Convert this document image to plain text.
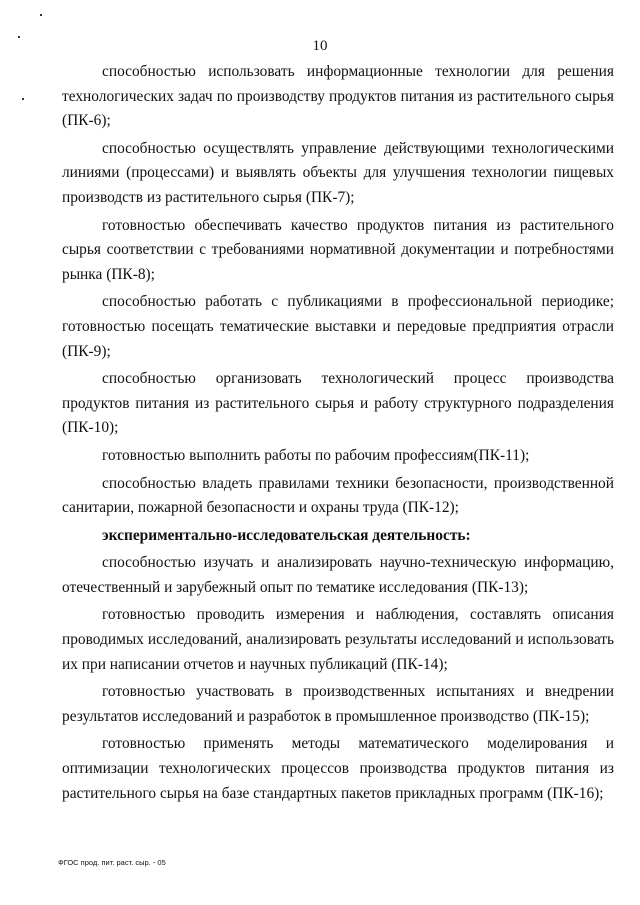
10

способностью использовать информационные технологии для решения технологических задач по производству продуктов питания из растительного сырья (ПК-6);

способностью осуществлять управление действующими технологическими линиями (процессами) и выявлять объекты для улучшения технологии пищевых производств из растительного сырья (ПК-7);

готовностью обеспечивать качество продуктов питания из растительного сырья соответствии с требованиями нормативной документации и потребностями рынка (ПК-8);

способностью работать с публикациями в профессиональной периодике; готовностью посещать тематические выставки и передовые предприятия отрасли (ПК-9);

способностью организовать технологический процесс производства продуктов питания из растительного сырья и работу структурного подразделения (ПК-10);

готовностью выполнить работы по рабочим профессиям(ПК-11);

способностью владеть правилами техники безопасности, производственной санитарии, пожарной безопасности и охраны труда (ПК-12);

экспериментально-исследовательская деятельность:

способностью изучать и анализировать научно-техническую информацию, отечественный и зарубежный опыт по тематике исследования (ПК-13);

готовностью проводить измерения и наблюдения, составлять описания проводимых исследований, анализировать результаты исследований и использовать их при написании отчетов и научных публикаций (ПК-14);

готовностью участвовать в производственных испытаниях и внедрении результатов исследований и разработок в промышленное производство (ПК-15);

готовностью применять методы математического моделирования и оптимизации технологических процессов производства продуктов питания из растительного сырья на базе стандартных пакетов прикладных программ (ПК-16);

ФГОС прод. пит. раст. сыр. - 05
